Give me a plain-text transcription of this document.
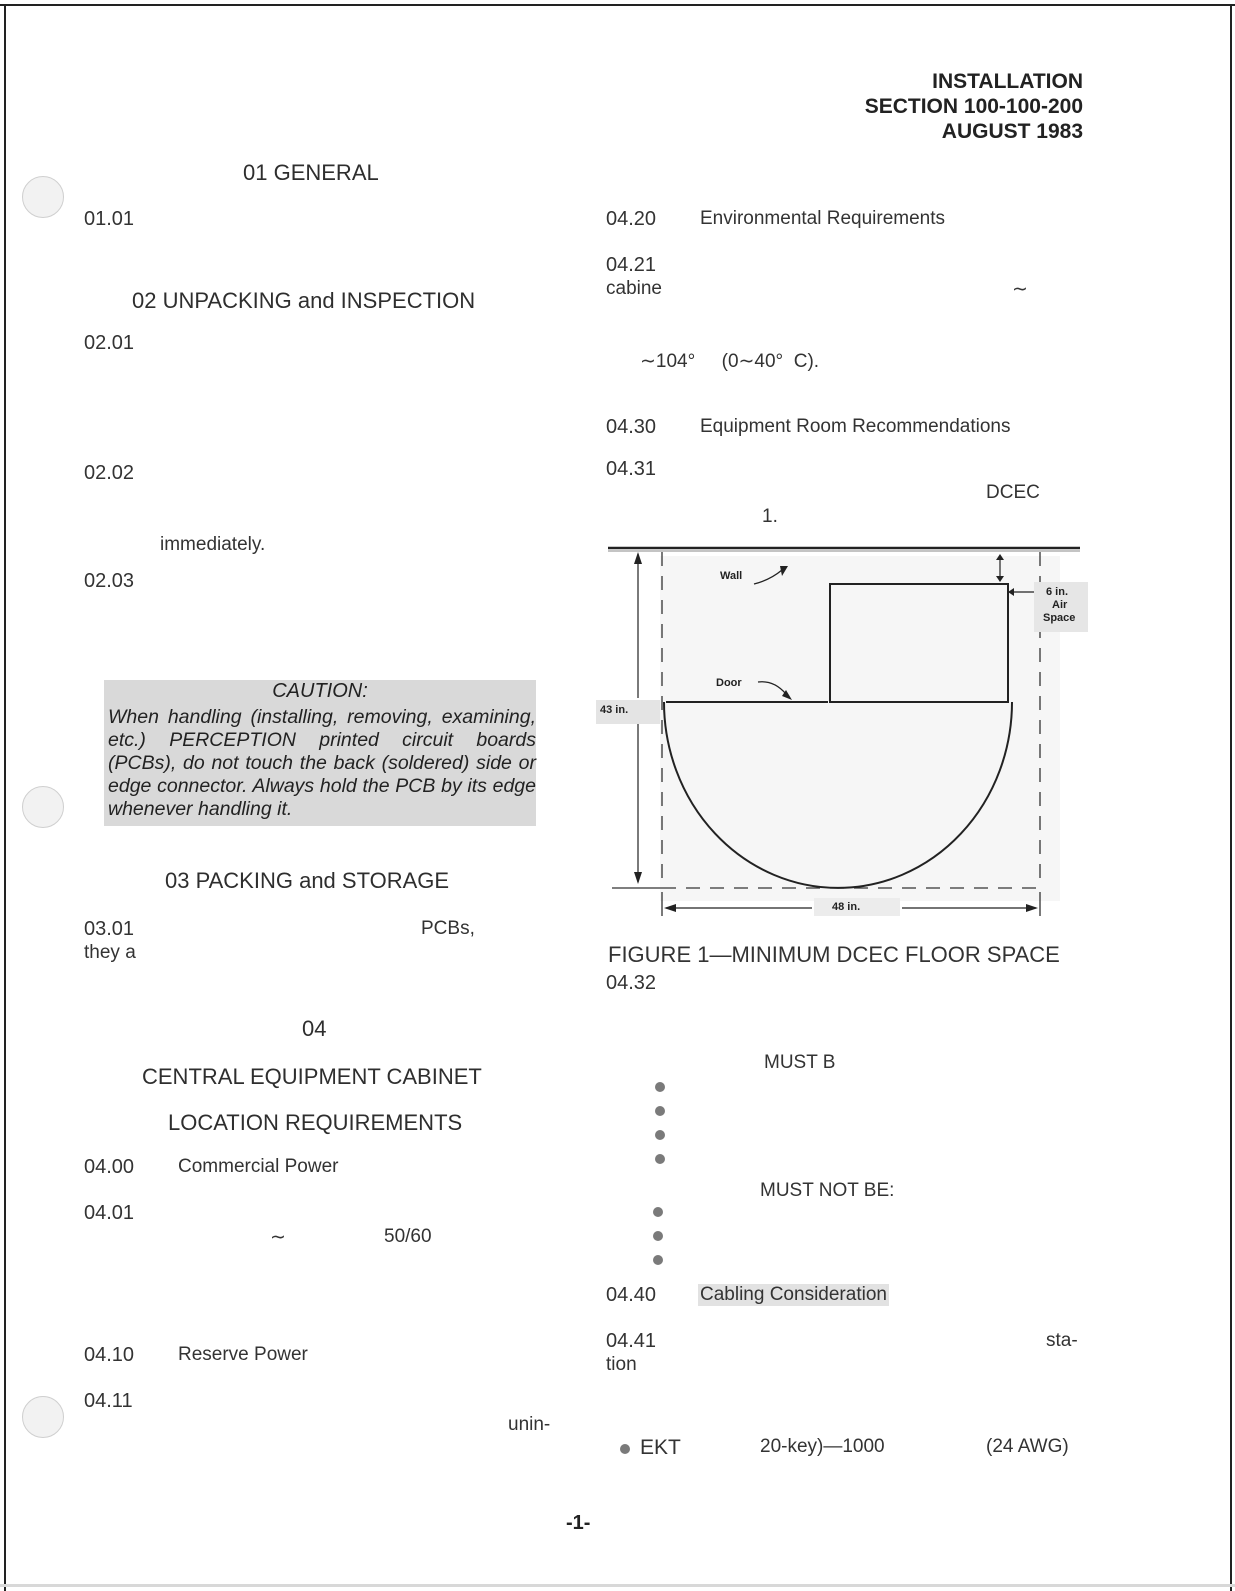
INSTALLATION
SECTION 100-100-200
AUGUST 1983
01 GENERAL
01.01
02 UNPACKING and INSPECTION
02.01
02.02
immediately.
02.03
CAUTION:
When handling (installing, removing, examining, etc.) PERCEPTION printed circuit boards (PCBs), do not touch the back (soldered) side or edge connector. Always hold the PCB by its edge whenever handling it.
03 PACKING and STORAGE
03.01	PCBs,
they a
04
CENTRAL EQUIPMENT CABINET
LOCATION REQUIREMENTS
04.00 Commercial Power
04.01
∼	50/60
04.10 Reserve Power
04.11
unin-
04.20 Environmental Requirements
04.21
cabine	∼
∼104°     (0∼40°  C).
04.30 Equipment Room Recommendations
04.31
DCEC
1.
Wall
Door
6 in.
Air
Space
43 in.
48 in.
FIGURE 1—MINIMUM DCEC FLOOR SPACE
04.32
MUST B
MUST NOT BE:
04.40 Cabling Consideration
04.41	sta-
tion
EKT	20-key)—1000	(24 AWG)
-1-
